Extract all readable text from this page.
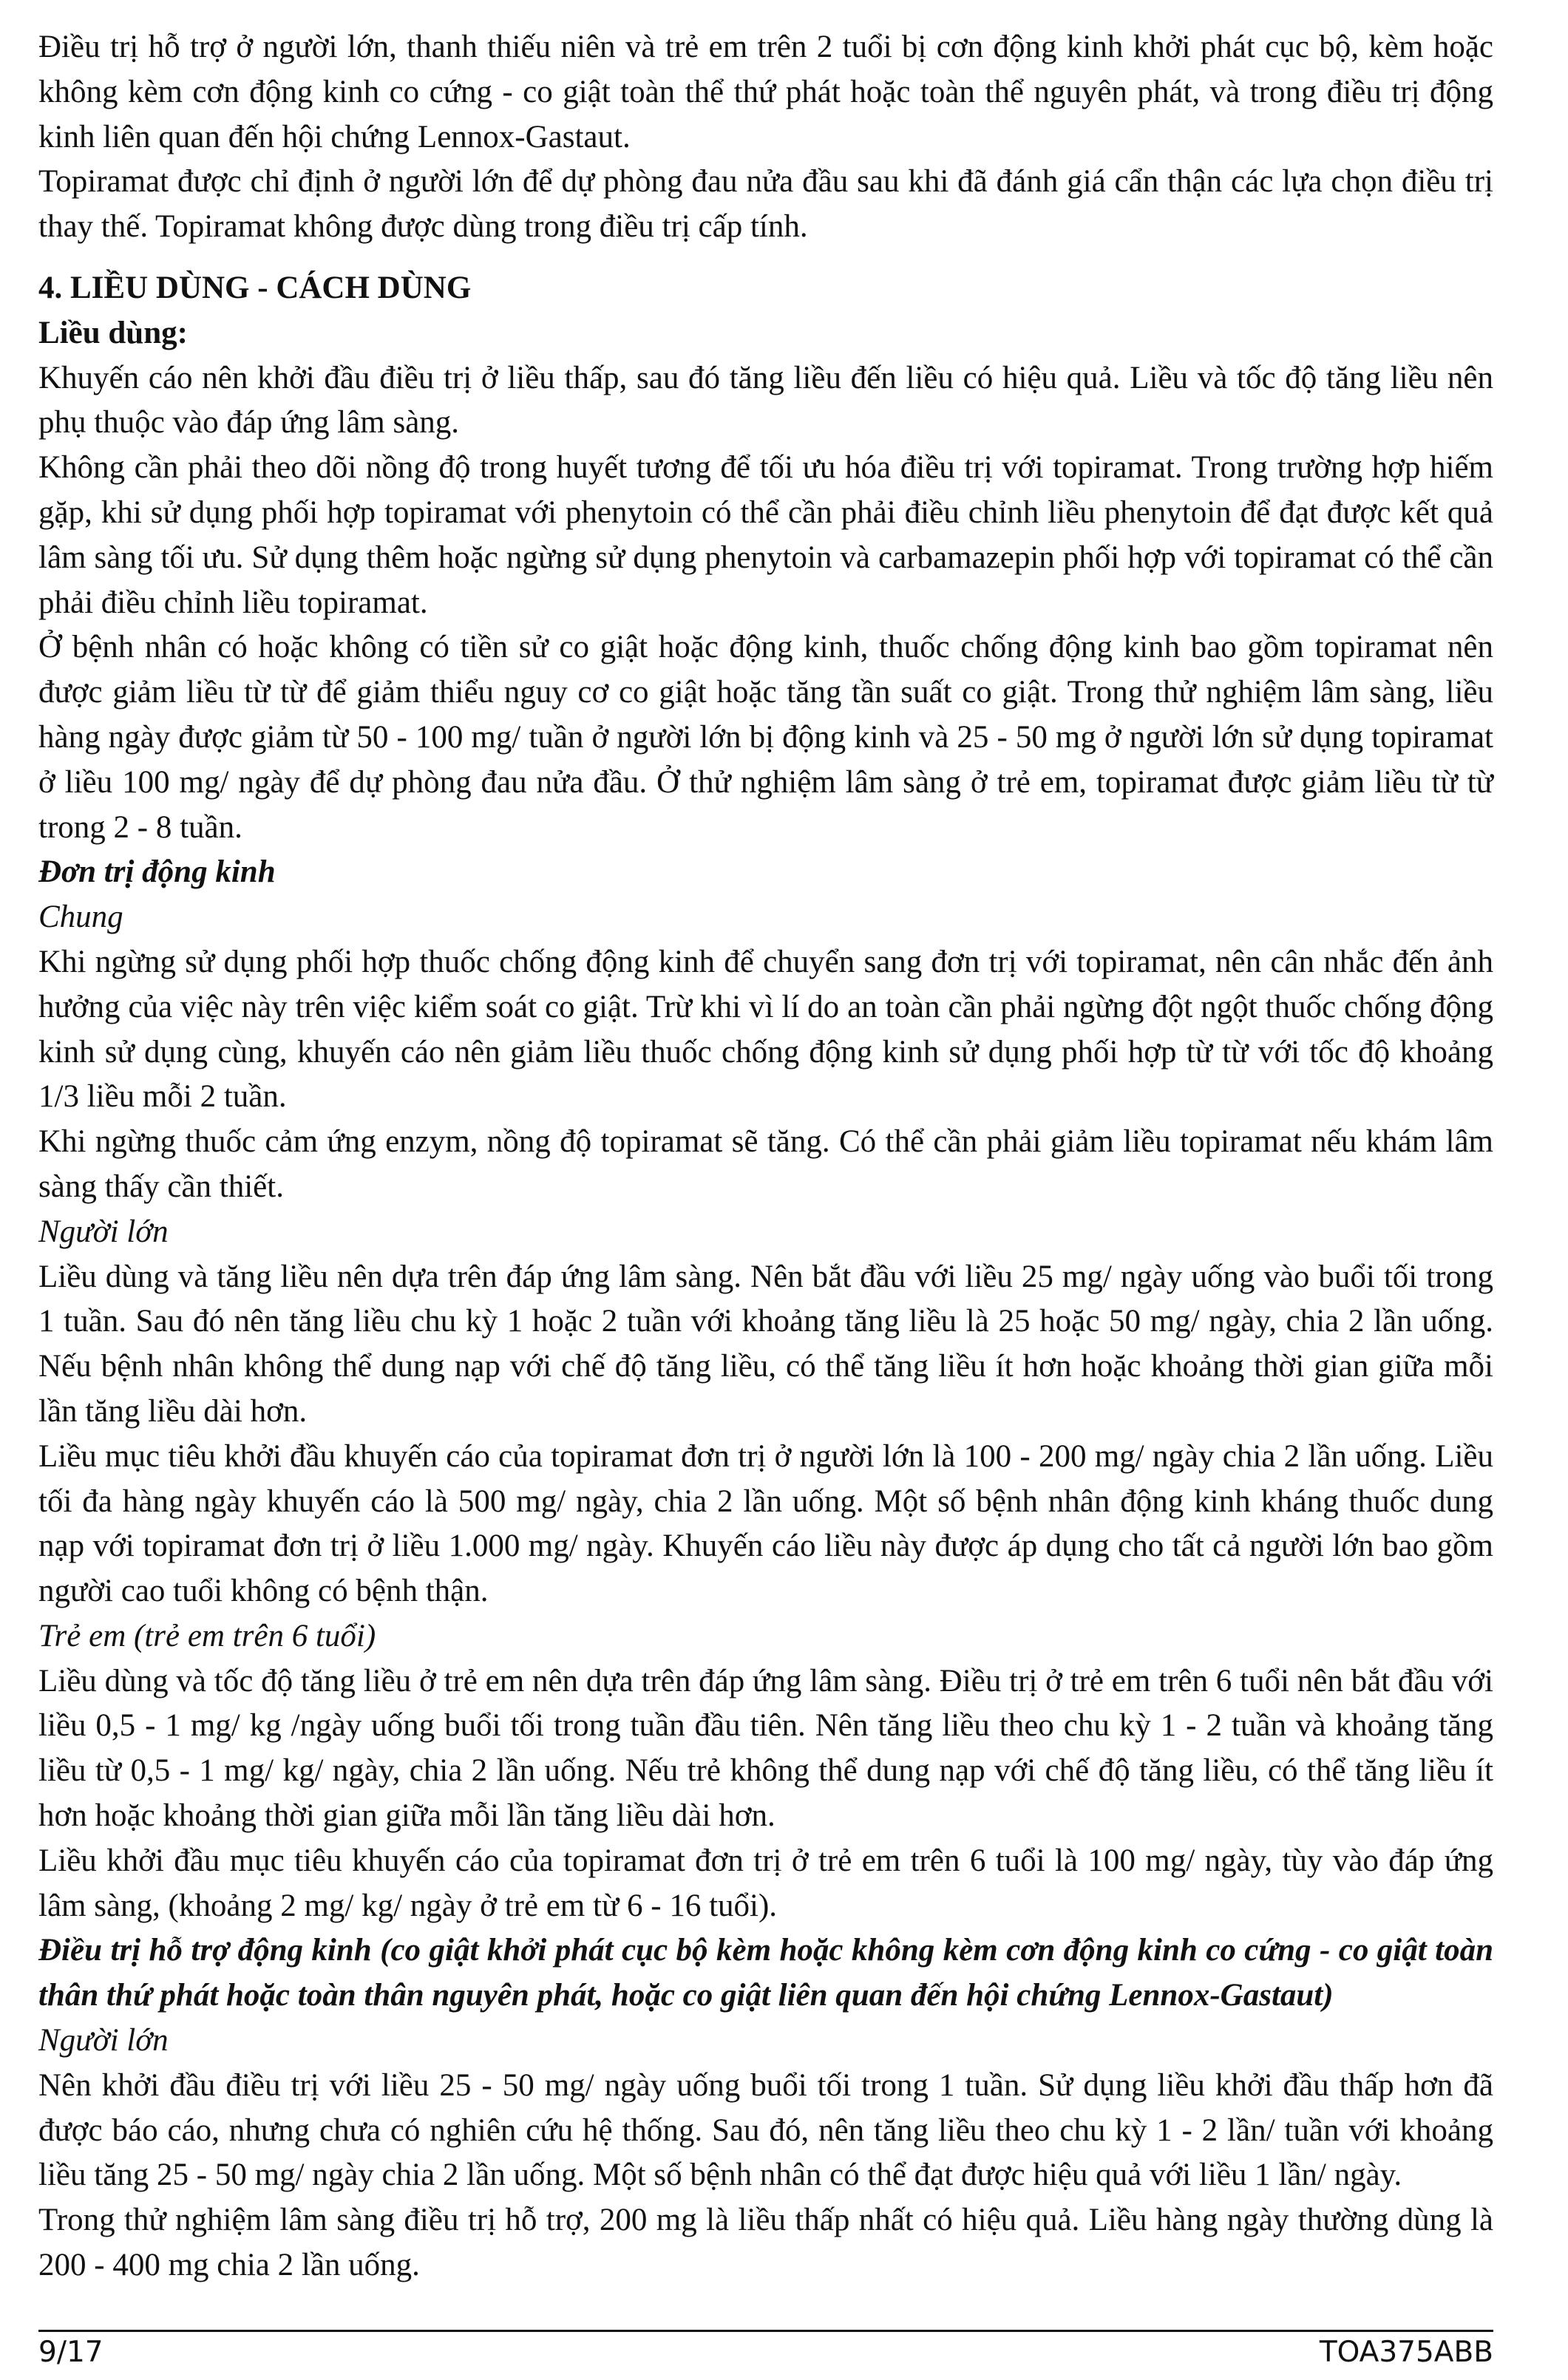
Điều trị hỗ trợ ở người lớn, thanh thiếu niên và trẻ em trên 2 tuổi bị cơn động kinh khởi phát cục bộ, kèm hoặc không kèm cơn động kinh co cứng - co giật toàn thể thứ phát hoặc toàn thể nguyên phát, và trong điều trị động kinh liên quan đến hội chứng Lennox-Gastaut.

Topiramat được chỉ định ở người lớn để dự phòng đau nửa đầu sau khi đã đánh giá cẩn thận các lựa chọn điều trị thay thế. Topiramat không được dùng trong điều trị cấp tính.

4. LIỀU DÙNG - CÁCH DÙNG

Liều dùng:

Khuyến cáo nên khởi đầu điều trị ở liều thấp, sau đó tăng liều đến liều có hiệu quả. Liều và tốc độ tăng liều nên phụ thuộc vào đáp ứng lâm sàng.

Không cần phải theo dõi nồng độ trong huyết tương để tối ưu hóa điều trị với topiramat. Trong trường hợp hiếm gặp, khi sử dụng phối hợp topiramat với phenytoin có thể cần phải điều chỉnh liều phenytoin để đạt được kết quả lâm sàng tối ưu. Sử dụng thêm hoặc ngừng sử dụng phenytoin và carbamazepin phối hợp với topiramat có thể cần phải điều chỉnh liều topiramat.

Ở bệnh nhân có hoặc không có tiền sử co giật hoặc động kinh, thuốc chống động kinh bao gồm topiramat nên được giảm liều từ từ để giảm thiểu nguy cơ co giật hoặc tăng tần suất co giật. Trong thử nghiệm lâm sàng, liều hàng ngày được giảm từ 50 - 100 mg/ tuần ở người lớn bị động kinh và 25 - 50 mg ở người lớn sử dụng topiramat ở liều 100 mg/ ngày để dự phòng đau nửa đầu. Ở thử nghiệm lâm sàng ở trẻ em, topiramat được giảm liều từ từ trong 2 - 8 tuần.

Đơn trị động kinh

Chung

Khi ngừng sử dụng phối hợp thuốc chống động kinh để chuyển sang đơn trị với topiramat, nên cân nhắc đến ảnh hưởng của việc này trên việc kiểm soát co giật. Trừ khi vì lí do an toàn cần phải ngừng đột ngột thuốc chống động kinh sử dụng cùng, khuyến cáo nên giảm liều thuốc chống động kinh sử dụng phối hợp từ từ với tốc độ khoảng 1/3 liều mỗi 2 tuần.

Khi ngừng thuốc cảm ứng enzym, nồng độ topiramat sẽ tăng. Có thể cần phải giảm liều topiramat nếu khám lâm sàng thấy cần thiết.

Người lớn

Liều dùng và tăng liều nên dựa trên đáp ứng lâm sàng. Nên bắt đầu với liều 25 mg/ ngày uống vào buổi tối trong 1 tuần. Sau đó nên tăng liều chu kỳ 1 hoặc 2 tuần với khoảng tăng liều là 25 hoặc 50 mg/ ngày, chia 2 lần uống. Nếu bệnh nhân không thể dung nạp với chế độ tăng liều, có thể tăng liều ít hơn hoặc khoảng thời gian giữa mỗi lần tăng liều dài hơn.

Liều mục tiêu khởi đầu khuyến cáo của topiramat đơn trị ở người lớn là 100 - 200 mg/ ngày chia 2 lần uống. Liều tối đa hàng ngày khuyến cáo là 500 mg/ ngày, chia 2 lần uống. Một số bệnh nhân động kinh kháng thuốc dung nạp với topiramat đơn trị ở liều 1.000 mg/ ngày. Khuyến cáo liều này được áp dụng cho tất cả người lớn bao gồm người cao tuổi không có bệnh thận.

Trẻ em (trẻ em trên 6 tuổi)

Liều dùng và tốc độ tăng liều ở trẻ em nên dựa trên đáp ứng lâm sàng. Điều trị ở trẻ em trên 6 tuổi nên bắt đầu với liều 0,5 - 1 mg/ kg /ngày uống buổi tối trong tuần đầu tiên. Nên tăng liều theo chu kỳ 1 - 2 tuần và khoảng tăng liều từ 0,5 - 1 mg/ kg/ ngày, chia 2 lần uống. Nếu trẻ không thể dung nạp với chế độ tăng liều, có thể tăng liều ít hơn hoặc khoảng thời gian giữa mỗi lần tăng liều dài hơn.

Liều khởi đầu mục tiêu khuyến cáo của topiramat đơn trị ở trẻ em trên 6 tuổi là 100 mg/ ngày, tùy vào đáp ứng lâm sàng, (khoảng 2 mg/ kg/ ngày ở trẻ em từ 6 - 16 tuổi).

Điều trị hỗ trợ động kinh (co giật khởi phát cục bộ kèm hoặc không kèm cơn động kinh co cứng - co giật toàn thân thứ phát hoặc toàn thân nguyên phát, hoặc co giật liên quan đến hội chứng Lennox-Gastaut)

Người lớn

Nên khởi đầu điều trị với liều 25 - 50 mg/ ngày uống buổi tối trong 1 tuần. Sử dụng liều khởi đầu thấp hơn đã được báo cáo, nhưng chưa có nghiên cứu hệ thống. Sau đó, nên tăng liều theo chu kỳ 1 - 2 lần/ tuần với khoảng liều tăng 25 - 50 mg/ ngày chia 2 lần uống. Một số bệnh nhân có thể đạt được hiệu quả với liều 1 lần/ ngày.

Trong thử nghiệm lâm sàng điều trị hỗ trợ, 200 mg là liều thấp nhất có hiệu quả. Liều hàng ngày thường dùng là 200 - 400 mg chia 2 lần uống.

9/17	TOA375ABB
